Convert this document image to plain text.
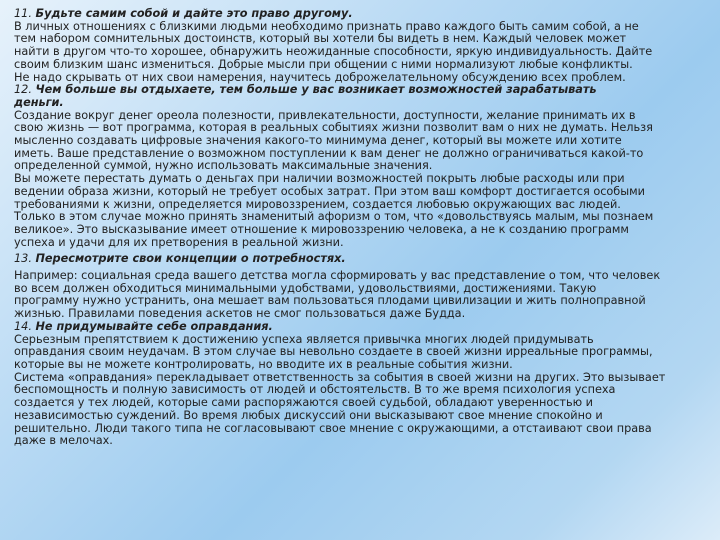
11. Будьте самим собой и дайте это право другому.
В личных отношениях с близкими людьми необходимо признать право каждого быть самим собой, а не
тем набором сомнительных достоинств, который вы хотели бы видеть в нем. Каждый человек может
найти в другом что-то хорошее, обнаружить неожиданные способности, яркую индивидуальность. Дайте
своим близким шанс измениться. Добрые мысли при общении с ними нормализуют любые конфликты.
Не надо скрывать от них свои намерения, научитесь доброжелательному обсуждению всех проблем.

12. Чем больше вы отдыхаете, тем больше у вас возникает возможностей зарабатывать
деньги.
Создание вокруг денег ореола полезности, привлекательности, доступности, желание принимать их в
свою жизнь — вот программа, которая в реальных событиях жизни позволит вам о них не думать. Нельзя
мысленно создавать цифровые значения какого-то минимума денег, который вы можете или хотите
иметь. Ваше представление о возможном поступлении к вам денег не должно ограничиваться какой-то
определенной суммой, нужно использовать максимальные значения.
Вы можете перестать думать о деньгах при наличии возможностей покрыть любые расходы или при
ведении образа жизни, который не требует особых затрат. При этом ваш комфорт достигается особыми
требованиями к жизни, определяется мировоззрением, создается любовью окружающих вас людей.
Только в этом случае можно принять знаменитый афоризм о том, что «довольствуясь малым, мы познаем
великое». Это высказывание имеет отношение к мировоззрению человека, а не к созданию программ
успеха и удачи для их претворения в реальной жизни.

13. Пересмотрите свои концепции о потребностях.
Например: социальная среда вашего детства могла сформировать у вас представление о том, что человек
во всем должен обходиться минимальными удобствами, удовольствиями, достижениями. Такую
программу нужно устранить, она мешает вам пользоваться плодами цивилизации и жить полноправной
жизнью. Правилами поведения аскетов не смог пользоваться даже Будда.

14. Не придумывайте себе оправдания.
Серьезным препятствием к достижению успеха является привычка многих людей придумывать
оправдания своим неудачам. В этом случае вы невольно создаете в своей жизни ирреальные программы,
которые вы не можете контролировать, но вводите их в реальные события жизни.
Система «оправдания» перекладывает ответственность за события в своей жизни на других. Это вызывает
беспомощность и полную зависимость от людей и обстоятельств. В то же время психология успеха
создается у тех людей, которые сами распоряжаются своей судьбой, обладают уверенностью и
независимостью суждений. Во время любых дискуссий они высказывают свое мнение спокойно и
решительно. Люди такого типа не согласовывают свое мнение с окружающими, а отстаивают свои права
даже в мелочах.
